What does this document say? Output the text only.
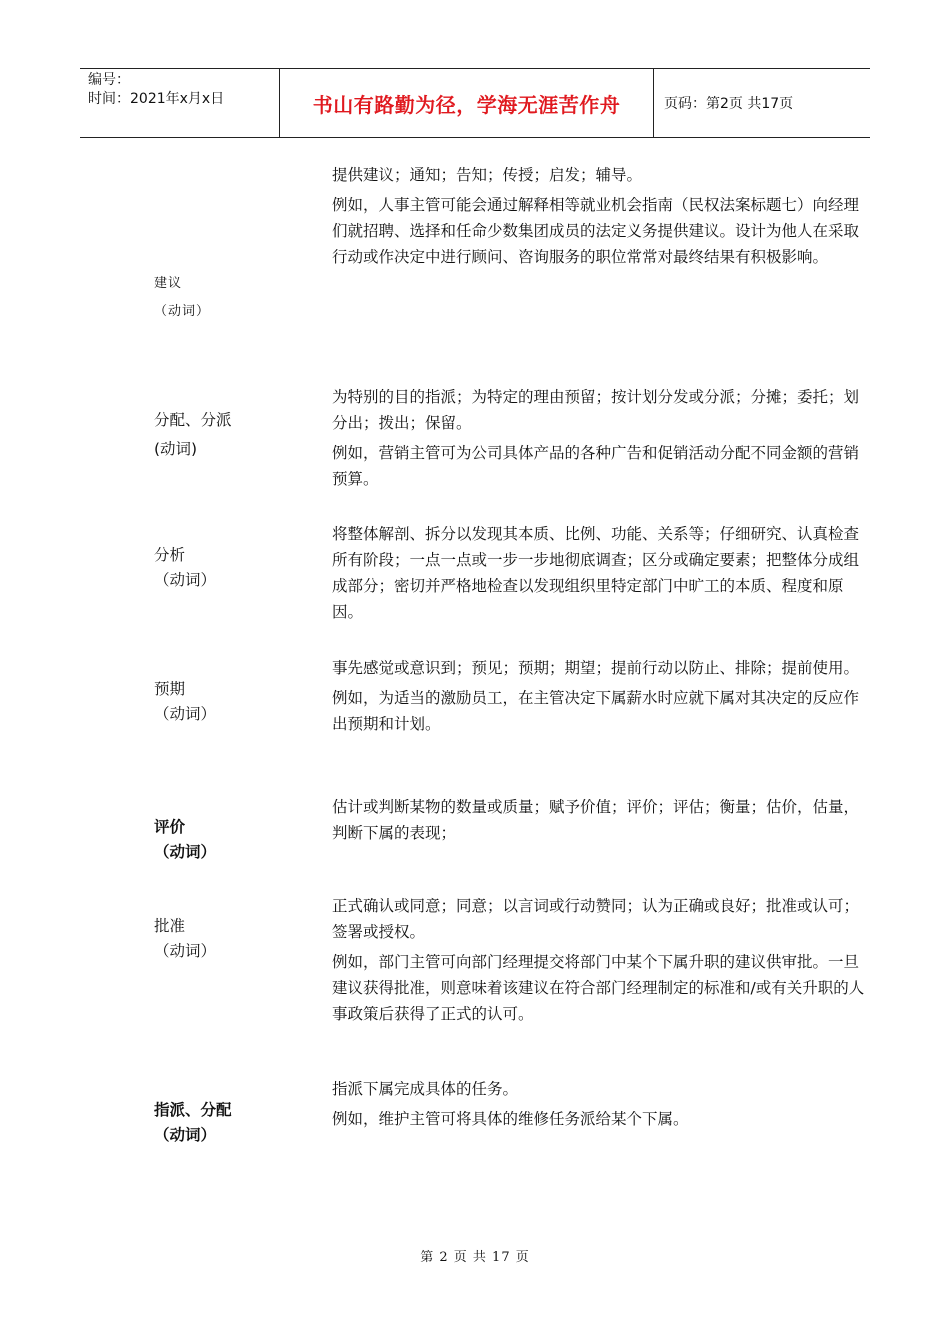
编号：
时间：2021年x月x日	书山有路勤为径，学海无涯苦作舟	页码：第2页 共17页
建议
（动词）

提供建议；通知；告知；传授；启发；辅导。

例如，人事主管可能会通过解释相等就业机会指南（民权法案标题七）向经理们就招聘、选择和任命少数集团成员的法定义务提供建议。设计为他人在采取行动或作决定中进行顾问、咨询服务的职位常常对最终结果有积极影响。

分配、分派
(动词)

为特别的目的指派；为特定的理由预留；按计划分发或分派；分摊；委托；划分出；拨出；保留。

例如，营销主管可为公司具体产品的各种广告和促销活动分配不同金额的营销预算。

分析
（动词）

将整体解剖、拆分以发现其本质、比例、功能、关系等；仔细研究、认真检查所有阶段；一点一点或一步一步地彻底调查；区分或确定要素；把整体分成组成部分；密切并严格地检查以发现组织里特定部门中旷工的本质、程度和原因。

预期
（动词）

事先感觉或意识到；预见；预期；期望；提前行动以防止、排除；提前使用。

例如，为适当的激励员工，在主管决定下属薪水时应就下属对其决定的反应作出预期和计划。

评价
（动词）

估计或判断某物的数量或质量；赋予价值；评价；评估；衡量；估价，估量，判断下属的表现；

批准
（动词）

正式确认或同意；同意；以言词或行动赞同；认为正确或良好；批准或认可；签署或授权。

例如，部门主管可向部门经理提交将部门中某个下属升职的建议供审批。一旦建议获得批准，则意味着该建议在符合部门经理制定的标准和/或有关升职的人事政策后获得了正式的认可。

指派、分配
（动词）

指派下属完成具体的任务。

例如，维护主管可将具体的维修任务派给某个下属。

第 2 页 共 17 页
